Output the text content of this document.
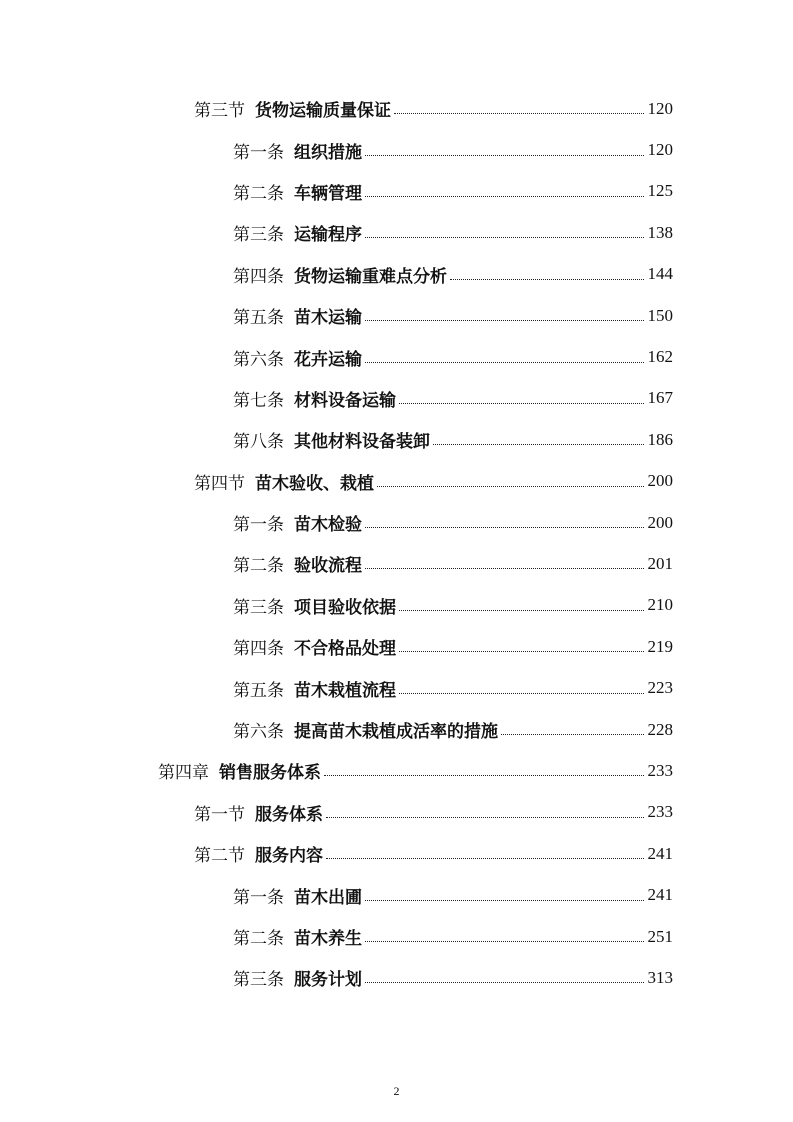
第三节 货物运输质量保证	120
第一条 组织措施	120
第二条 车辆管理	125
第三条 运输程序	138
第四条 货物运输重难点分析	144
第五条 苗木运输	150
第六条 花卉运输	162
第七条 材料设备运输	167
第八条 其他材料设备装卸	186
第四节 苗木验收、栽植	200
第一条 苗木检验	200
第二条 验收流程	201
第三条 项目验收依据	210
第四条 不合格品处理	219
第五条 苗木栽植流程	223
第六条 提高苗木栽植成活率的措施	228
第四章 销售服务体系	233
第一节 服务体系	233
第二节 服务内容	241
第一条 苗木出圃	241
第二条 苗木养生	251
第三条 服务计划	313
2
